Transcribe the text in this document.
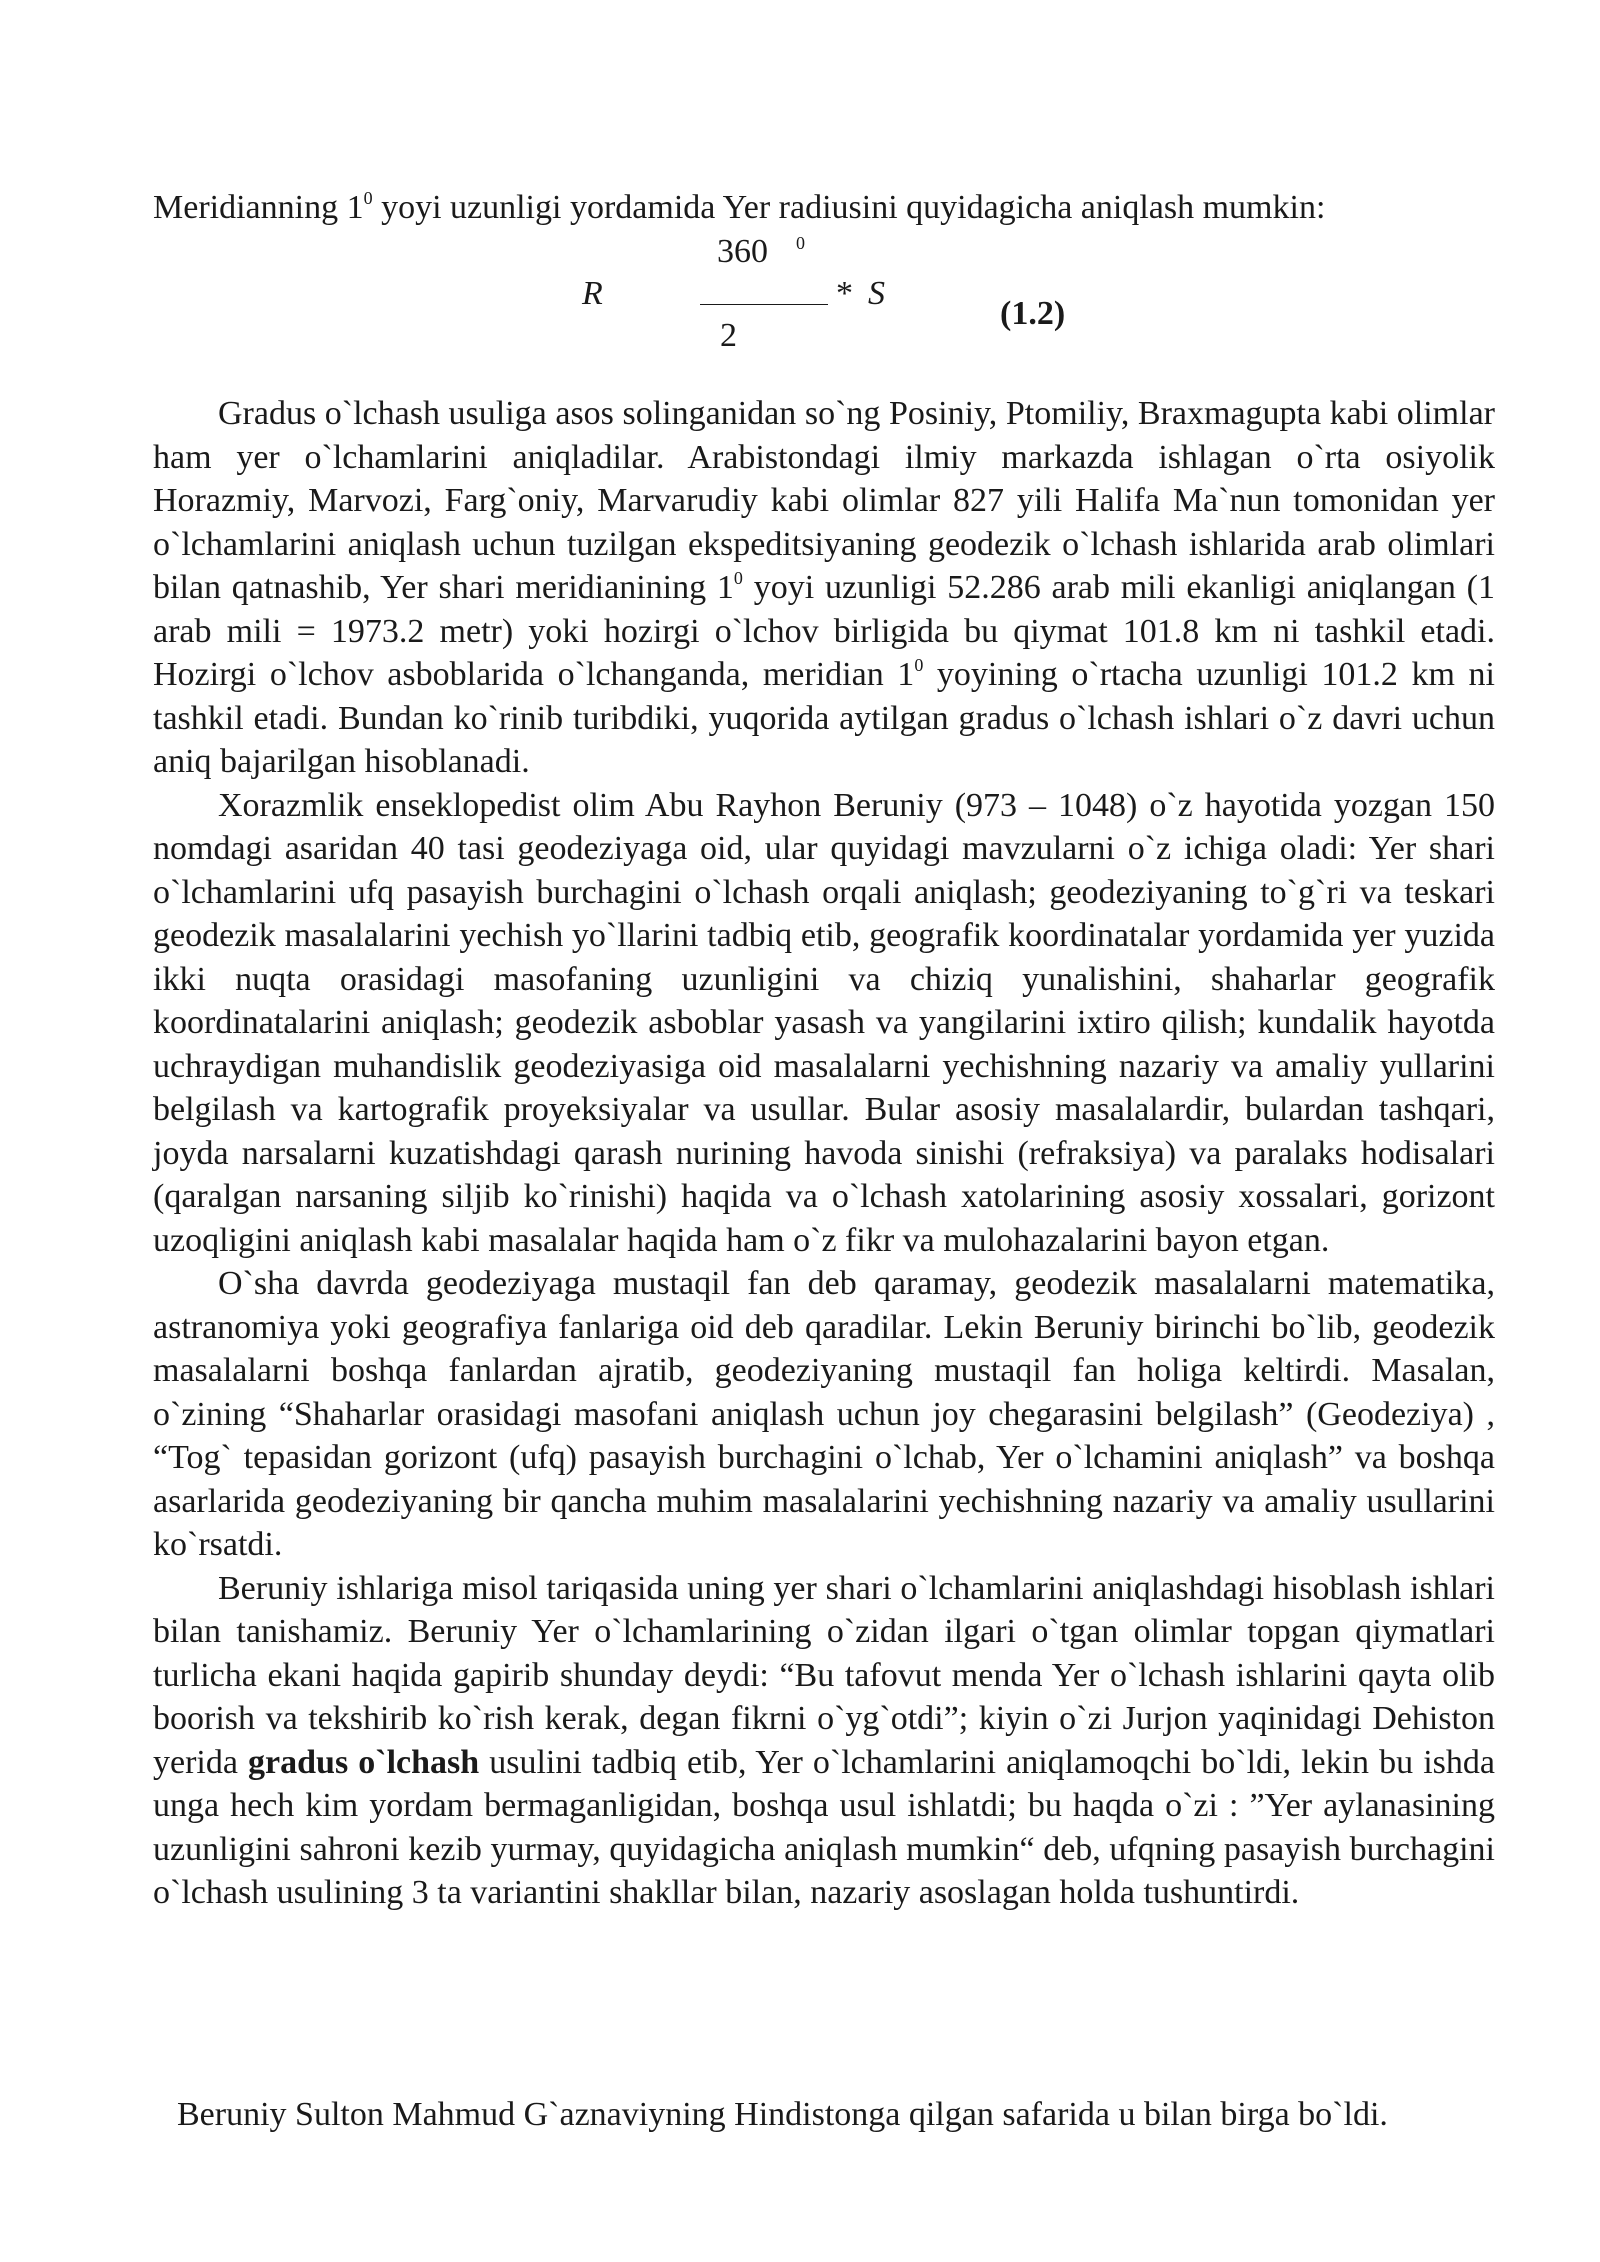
Meridianning $1^0$ yoyi uzunligi yordamida Yer radiusini quyidagicha aniqlash mumkin:
360 0
R	* S
2
(1.2)

Gradus o`lchash usuliga asos solinganidan so`ng Posiniy, Ptomiliy, Braxmagupta kabi olimlar ham yer o`lchamlarini aniqladilar. Arabistondagi ilmiy markazda ishlagan o`rta osiyolik Horazmiy, Marvozi, Farg`oniy, Marvarudiy kabi olimlar 827 yili Halifa Ma`nun tomonidan yer o`lchamlarini aniqlash uchun tuzilgan ekspeditsiyaning geodezik o`lchash ishlarida arab olimlari bilan qatnashib, Yer shari meridianining $1^0$ yoyi uzunligi 52.286 arab mili ekanligi aniqlangan (1 arab mili = 1973.2 metr) yoki hozirgi o`lchov birligida bu qiymat 101.8 km ni tashkil etadi. Hozirgi o`lchov asboblarida o`lchanganda, meridian $1^0$ yoyining o`rtacha uzunligi 101.2 km ni tashkil etadi. Bundan ko`rinib turibdiki, yuqorida aytilgan gradus o`lchash ishlari o`z davri uchun aniq bajarilgan hisoblanadi.

Xorazmlik enseklopedist olim Abu Rayhon Beruniy (973 – 1048) o`z hayotida yozgan 150 nomdagi asaridan 40 tasi geodeziyaga oid, ular quyidagi mavzularni o`z ichiga oladi: Yer shari o`lchamlarini ufq pasayish burchagini o`lchash orqali aniqlash; geodeziyaning to`g`ri va teskari geodezik masalalarini yechish yo`llarini tadbiq etib, geografik koordinatalar yordamida yer yuzida ikki nuqta orasidagi masofaning uzunligini va chiziq yunalishini, shaharlar geografik koordinatalarini aniqlash; geodezik asboblar yasash va yangilarini ixtiro qilish; kundalik hayotda uchraydigan muhandislik geodeziyasiga oid masalalarni yechishning nazariy va amaliy yullarini belgilash va kartografik proyeksiyalar va usullar. Bular asosiy masalalardir, bulardan tashqari, joyda narsalarni kuzatishdagi qarash nurining havoda sinishi (refraksiya) va paralaks hodisalari (qaralgan narsaning siljib ko`rinishi) haqida va o`lchash xatolarining asosiy xossalari, gorizont uzoqligini aniqlash kabi masalalar haqida ham o`z fikr va mulohazalarini bayon etgan.

O`sha davrda geodeziyaga mustaqil fan deb qaramay, geodezik masalalarni matematika, astranomiya yoki geografiya fanlariga oid deb qaradilar. Lekin Beruniy birinchi bo`lib, geodezik masalalarni boshqa fanlardan ajratib, geodeziyaning mustaqil fan holiga keltirdi. Masalan, o`zining “Shaharlar orasidagi masofani aniqlash uchun joy chegarasini belgilash” (Geodeziya) , “Tog` tepasidan gorizont (ufq) pasayish burchagini o`lchab, Yer o`lchamini aniqlash” va boshqa asarlarida geodeziyaning bir qancha muhim masalalarini yechishning nazariy va amaliy usullarini ko`rsatdi.

Beruniy ishlariga misol tariqasida uning yer shari o`lchamlarini aniqlashdagi hisoblash ishlari bilan tanishamiz. Beruniy Yer o`lchamlarining o`zidan ilgari o`tgan olimlar topgan qiymatlari turlicha ekani haqida gapirib shunday deydi: “Bu tafovut menda Yer o`lchash ishlarini qayta olib boorish va tekshirib ko`rish kerak, degan fikrni o`yg`otdi”; kiyin o`zi Jurjon yaqinidagi Dehiston yerida gradus o`lchash usulini tadbiq etib, Yer o`lchamlarini aniqlamoqchi bo`ldi, lekin bu ishda unga hech kim yordam bermaganligidan, boshqa usul ishlatdi; bu haqda o`zi : ”Yer aylanasining uzunligini sahroni kezib yurmay, quyidagicha aniqlash mumkin“ deb, ufqning pasayish burchagini o`lchash usulining 3 ta variantini shakllar bilan, nazariy asoslagan holda tushuntirdi.

Beruniy Sulton Mahmud G`aznaviyning Hindistonga qilgan safarida u bilan birga bo`ldi.
